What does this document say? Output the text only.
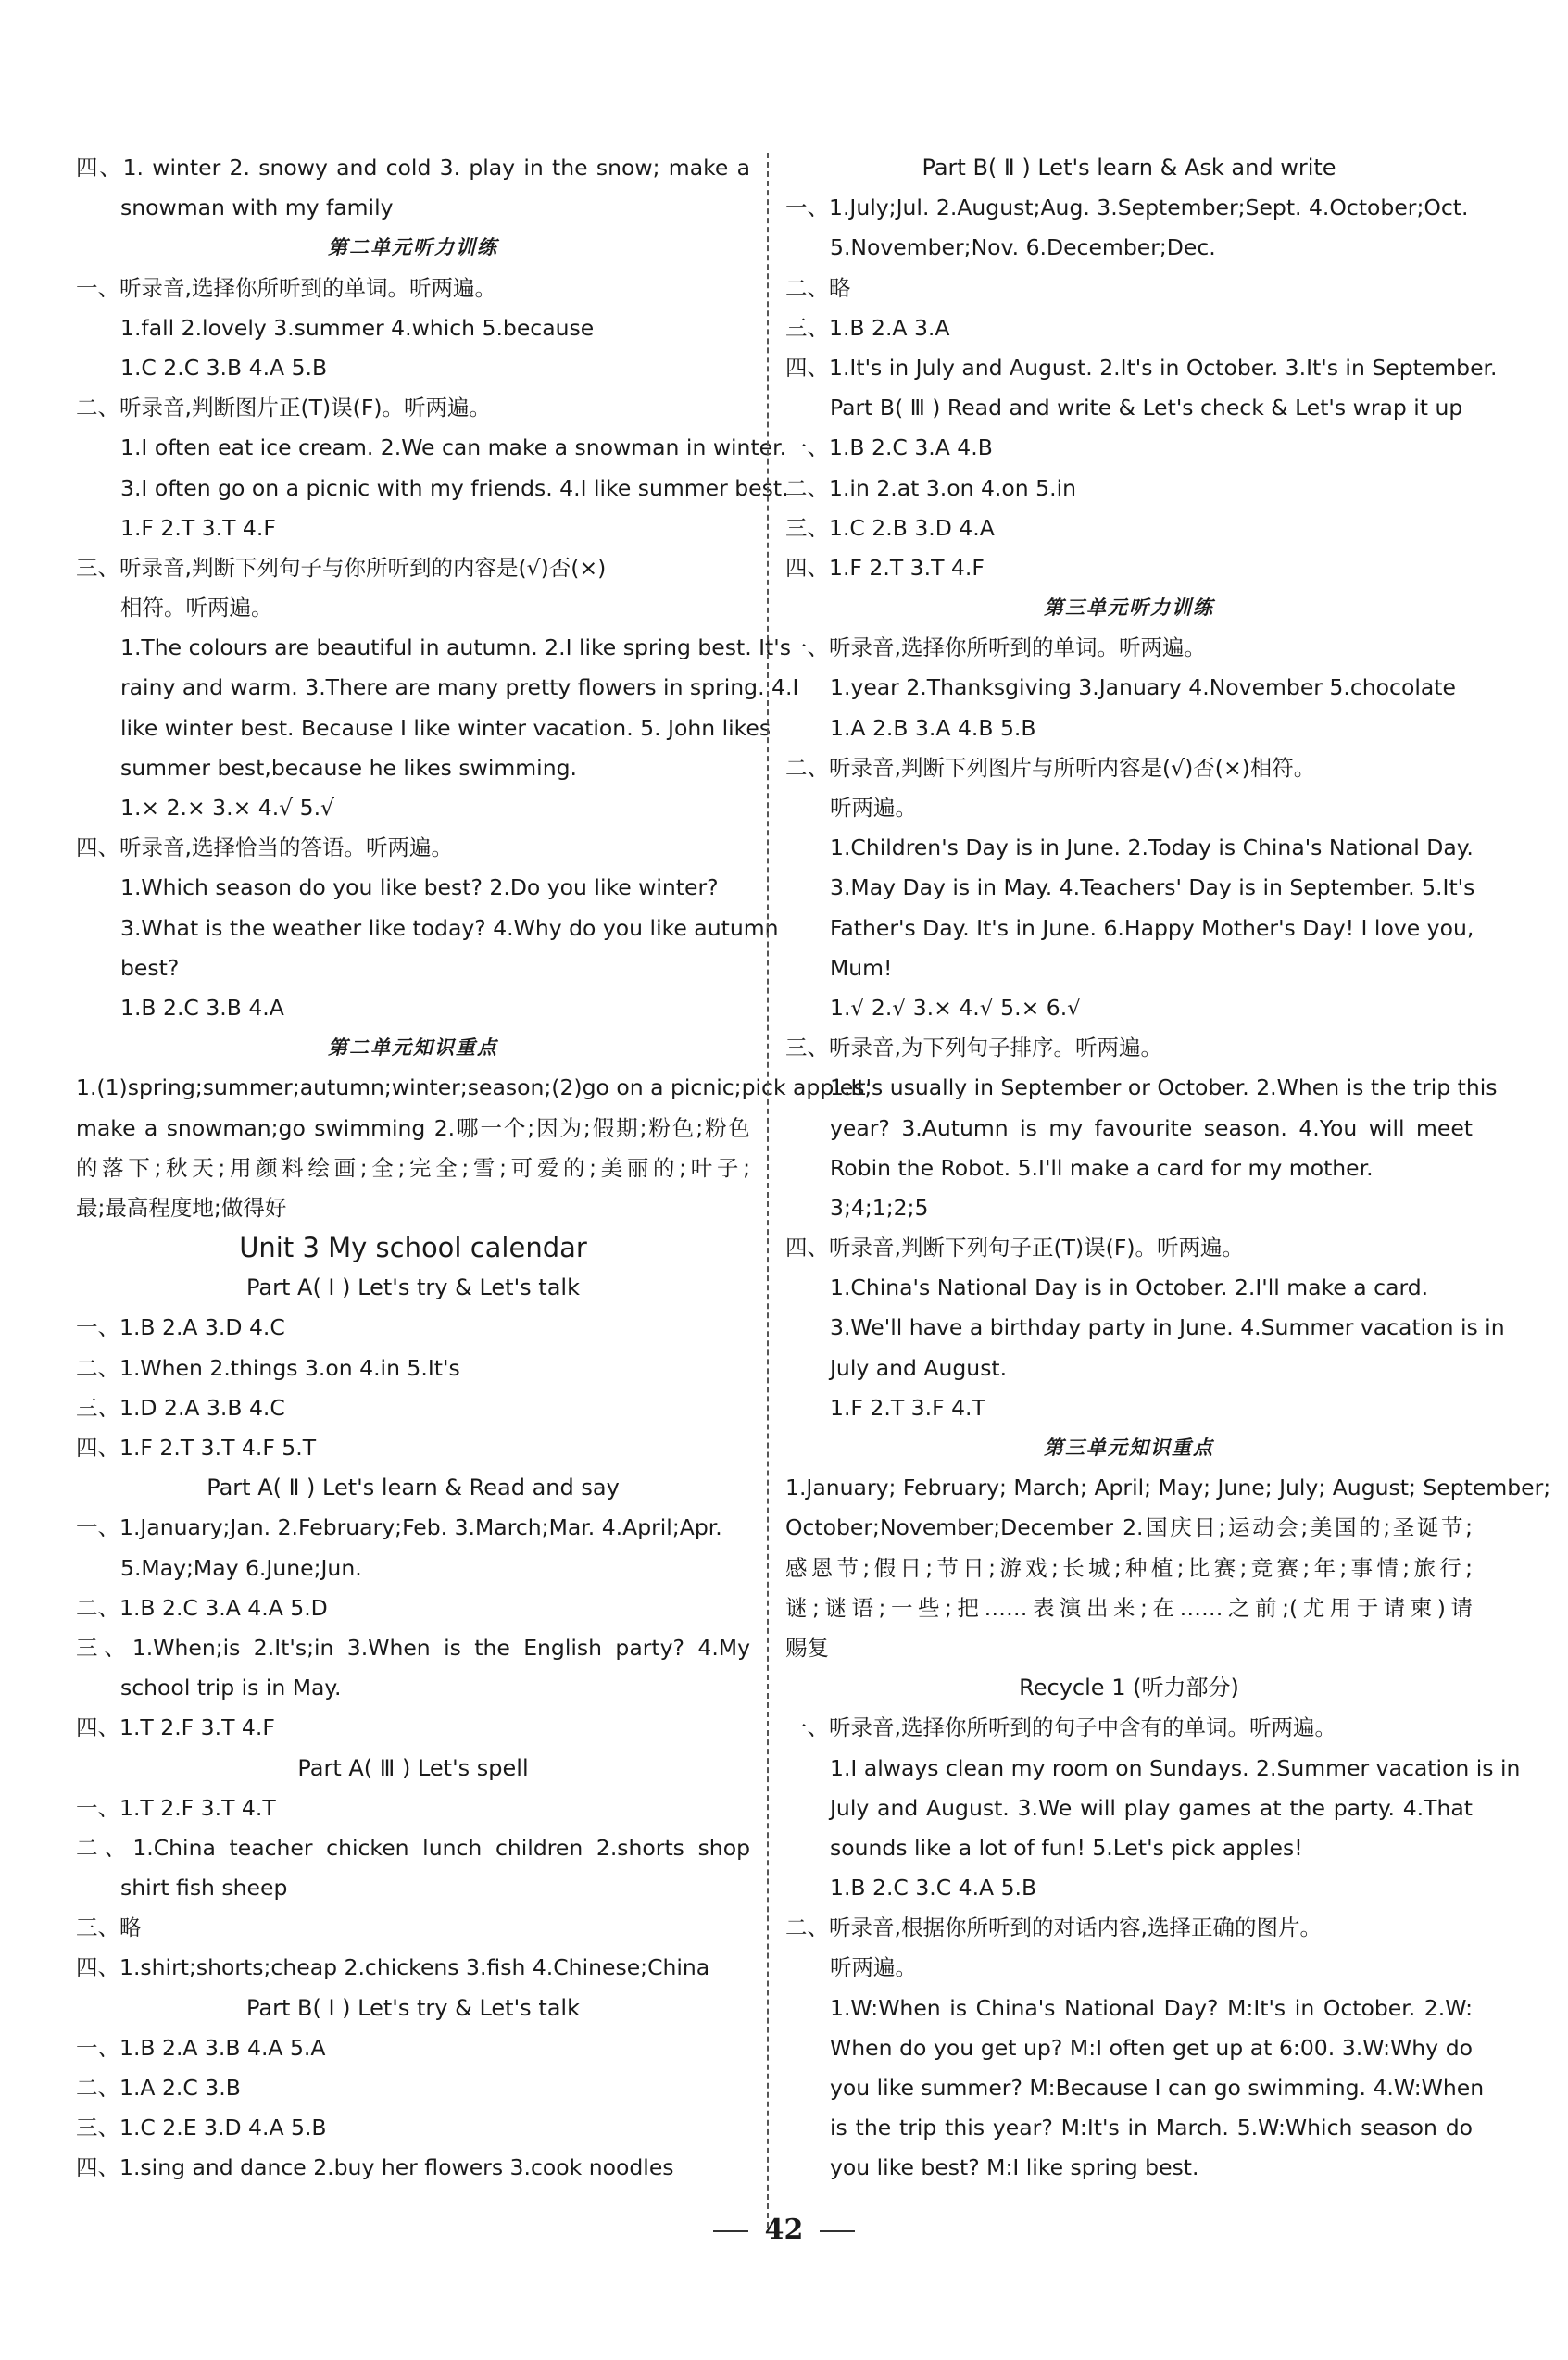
四、1. winter 2. snowy and cold 3. play in the snow; make a
snowman with my family
第二单元听力训练
一、听录音,选择你所听到的单词。听两遍。
1.fall 2.lovely 3.summer 4.which 5.because
1.C 2.C 3.B 4.A 5.B
二、听录音,判断图片正(T)误(F)。听两遍。
1.I often eat ice cream. 2.We can make a snowman in winter.
3.I often go on a picnic with my friends. 4.I like summer best.
1.F 2.T 3.T 4.F
三、听录音,判断下列句子与你所听到的内容是(√)否(×)
相符。听两遍。
1.The colours are beautiful in autumn. 2.I like spring best. It's
rainy and warm. 3.There are many pretty flowers in spring. 4.I
like winter best. Because I like winter vacation. 5. John likes
summer best,because he likes swimming.
1.× 2.× 3.× 4.√ 5.√
四、听录音,选择恰当的答语。听两遍。
1.Which season do you like best? 2.Do you like winter?
3.What is the weather like today? 4.Why do you like autumn
best?
1.B 2.C 3.B 4.A
第二单元知识重点
1.(1)spring;summer;autumn;winter;season;(2)go on a picnic;pick apples;
make a snowman;go swimming 2.哪一个;因为;假期;粉色;粉色
的落下;秋天;用颜料绘画;全;完全;雪;可爱的;美丽的;叶子;
最;最高程度地;做得好
Unit 3 My school calendar
Part A( Ⅰ ) Let's try & Let's talk
一、1.B 2.A 3.D 4.C
二、1.When 2.things 3.on 4.in 5.It's
三、1.D 2.A 3.B 4.C
四、1.F 2.T 3.T 4.F 5.T
Part A( Ⅱ ) Let's learn & Read and say
一、1.January;Jan. 2.February;Feb. 3.March;Mar. 4.April;Apr.
5.May;May 6.June;Jun.
二、1.B 2.C 3.A 4.A 5.D
三、1.When;is 2.It's;in 3.When is the English party? 4.My
school trip is in May.
四、1.T 2.F 3.T 4.F
Part A( Ⅲ ) Let's spell
一、1.T 2.F 3.T 4.T
二、1.China teacher chicken lunch children 2.shorts shop
shirt fish sheep
三、略
四、1.shirt;shorts;cheap 2.chickens 3.fish 4.Chinese;China
Part B( Ⅰ ) Let's try & Let's talk
一、1.B 2.A 3.B 4.A 5.A
二、1.A 2.C 3.B
三、1.C 2.E 3.D 4.A 5.B
四、1.sing and dance 2.buy her flowers 3.cook noodles
Part B( Ⅱ ) Let's learn & Ask and write
一、1.July;Jul. 2.August;Aug. 3.September;Sept. 4.October;Oct.
5.November;Nov. 6.December;Dec.
二、略
三、1.B 2.A 3.A
四、1.It's in July and August. 2.It's in October. 3.It's in September.
Part B( Ⅲ ) Read and write & Let's check & Let's wrap it up
一、1.B 2.C 3.A 4.B
二、1.in 2.at 3.on 4.on 5.in
三、1.C 2.B 3.D 4.A
四、1.F 2.T 3.T 4.F
第三单元听力训练
一、听录音,选择你所听到的单词。听两遍。
1.year 2.Thanksgiving 3.January 4.November 5.chocolate
1.A 2.B 3.A 4.B 5.B
二、听录音,判断下列图片与所听内容是(√)否(×)相符。
听两遍。
1.Children's Day is in June. 2.Today is China's National Day.
3.May Day is in May. 4.Teachers' Day is in September. 5.It's
Father's Day. It's in June. 6.Happy Mother's Day! I love you,
Mum!
1.√ 2.√ 3.× 4.√ 5.× 6.√
三、听录音,为下列句子排序。听两遍。
1.It's usually in September or October. 2.When is the trip this
year? 3.Autumn is my favourite season. 4.You will meet
Robin the Robot. 5.I'll make a card for my mother.
3;4;1;2;5
四、听录音,判断下列句子正(T)误(F)。听两遍。
1.China's National Day is in October. 2.I'll make a card.
3.We'll have a birthday party in June. 4.Summer vacation is in
July and August.
1.F 2.T 3.F 4.T
第三单元知识重点
1.January; February; March; April; May; June; July; August; September;
October;November;December 2.国庆日;运动会;美国的;圣诞节;
感恩节;假日;节日;游戏;长城;种植;比赛;竞赛;年;事情;旅行;
谜;谜语;一些;把……表演出来;在……之前;(尤用于请柬)请
赐复
Recycle 1 (听力部分)
一、听录音,选择你所听到的句子中含有的单词。听两遍。
1.I always clean my room on Sundays. 2.Summer vacation is in
July and August. 3.We will play games at the party. 4.That
sounds like a lot of fun! 5.Let's pick apples!
1.B 2.C 3.C 4.A 5.B
二、听录音,根据你所听到的对话内容,选择正确的图片。
听两遍。
1.W:When is China's National Day? M:It's in October. 2.W:
When do you get up? M:I often get up at 6:00. 3.W:Why do
you like summer? M:Because I can go swimming. 4.W:When
is the trip this year? M:It's in March. 5.W:Which season do
you like best? M:I like spring best.
42
